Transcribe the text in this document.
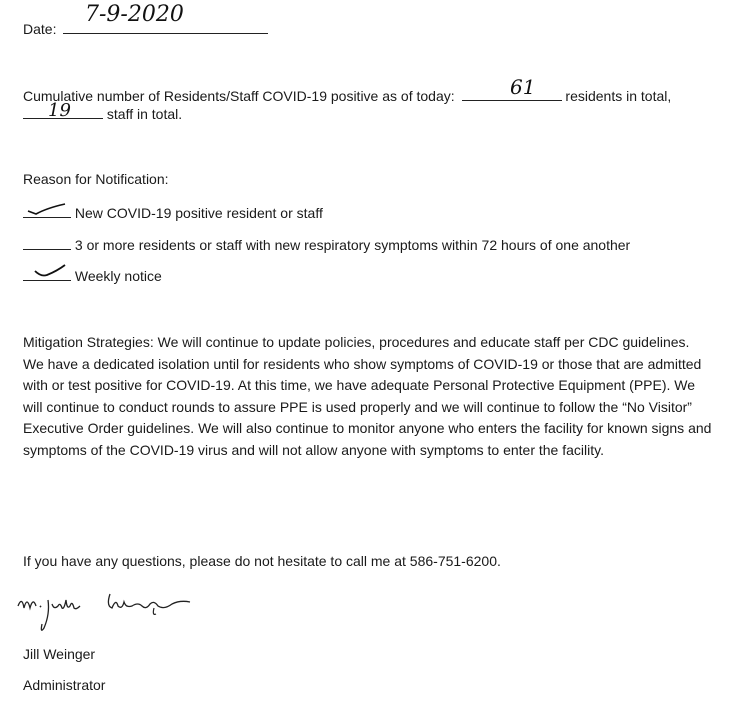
Date:
7-9-2020
Cumulative number of Residents/Staff COVID-19 positive as of today:	residents in total,
61
staff in total.
19
Reason for Notification:
New COVID-19 positive resident or staff
3 or more residents or staff with new respiratory symptoms within 72 hours of one another
Weekly notice
Mitigation Strategies: We will continue to update policies, procedures and educate staff per CDC guidelines. We have a dedicated isolation until for residents who show symptoms of COVID-19 or those that are admitted with or test positive for COVID-19. At this time, we have adequate Personal Protective Equipment (PPE). We will continue to conduct rounds to assure PPE is used properly and we will continue to follow the “No Visitor” Executive Order guidelines. We will also continue to monitor anyone who enters the facility for known signs and symptoms of the COVID-19 virus and will not allow anyone with symptoms to enter the facility.
If you have any questions, please do not hesitate to call me at 586-751-6200.
Jill Weinger
Administrator
